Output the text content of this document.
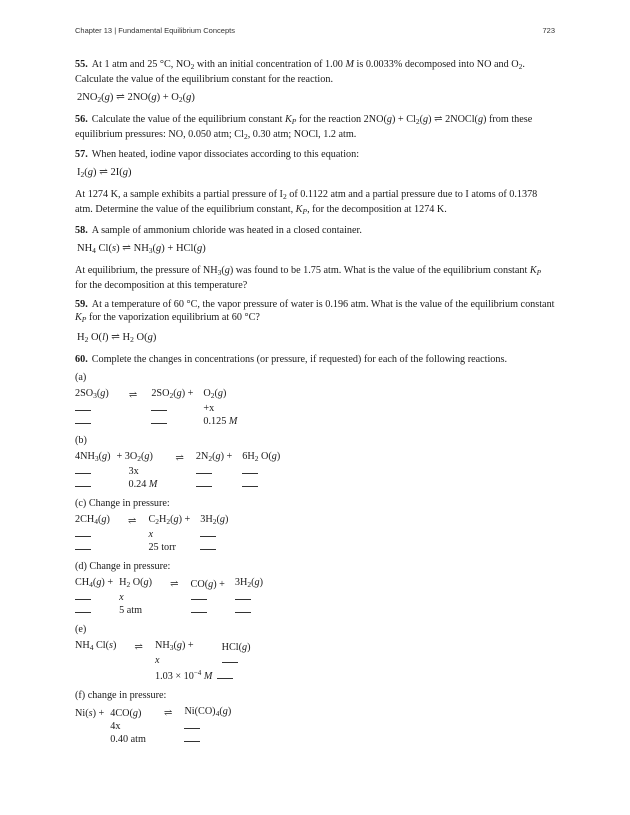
Chapter 13 | Fundamental Equilibrium Concepts	723

55. At 1 atm and 25 °C, $NO_2$ with an initial concentration of 1.00 M is 0.0033% decomposed into NO and $O_2$. Calculate the value of the equilibrium constant for the reaction.

$2NO_2(g)$ ⇌ $2NO(g) + O_2(g)$

56. Calculate the value of the equilibrium constant $K_P$ for the reaction $2NO(g) + Cl_2(g)$ ⇌ 2NOCl(g) from these equilibrium pressures: NO, 0.050 atm; $Cl_2$, 0.30 atm; NOCl, 1.2 atm.

57. When heated, iodine vapor dissociates according to this equation:

$I_2(g)$ ⇌ 2I(g)

At 1274 K, a sample exhibits a partial pressure of $I_2$ of 0.1122 atm and a partial pressure due to I atoms of 0.1378 atm. Determine the value of the equilibrium constant, $K_P$, for the decomposition at 1274 K.

58. A sample of ammonium chloride was heated in a closed container.

$NH_4$ Cl(s) ⇌ $NH_3(g) + HCl(g)$

At equilibrium, the pressure of $NH_3(g)$ was found to be 1.75 atm. What is the value of the equilibrium constant $K_P$ for the decomposition at this temperature?

59. At a temperature of 60 °C, the vapor pressure of water is 0.196 atm. What is the value of the equilibrium constant $K_P$ for the vaporization equilibrium at 60 °C?

$H_2$ O(l) ⇌ $H_2$ O(g)

60. Complete the changes in concentrations (or pressure, if requested) for each of the following reactions.

(a)
$2SO_3(g)$	⇌	$2SO_2(g)$ +	$O_2(g)$
			+x
			0.125 M
(b)
$4NH_3(g)$	+ $3O_2(g)$	⇌	$2N_2(g)$ +	$6H_2$ O(g)
	3x			
	0.24 M			
(c) Change in pressure:
$2CH_4(g)$	⇌	$C_2H_2(g)$ +	$3H_2(g)$
		x	
		25 torr	
(d) Change in pressure:
$CH_4(g)$ +	$H_2$ O(g)	⇌	CO(g) +	$3H_2(g)$
	x			
	5 atm			
(e)
$NH_4$ Cl(s)	⇌	$NH_3(g)$ +	HCl(g)
		x	
		$1.03 \times 10^{-4}$ M	
(f) change in pressure:
Ni(s) +	4CO(g)	⇌	$Ni(CO)_4(g)$
	4x		
	0.40 atm		
